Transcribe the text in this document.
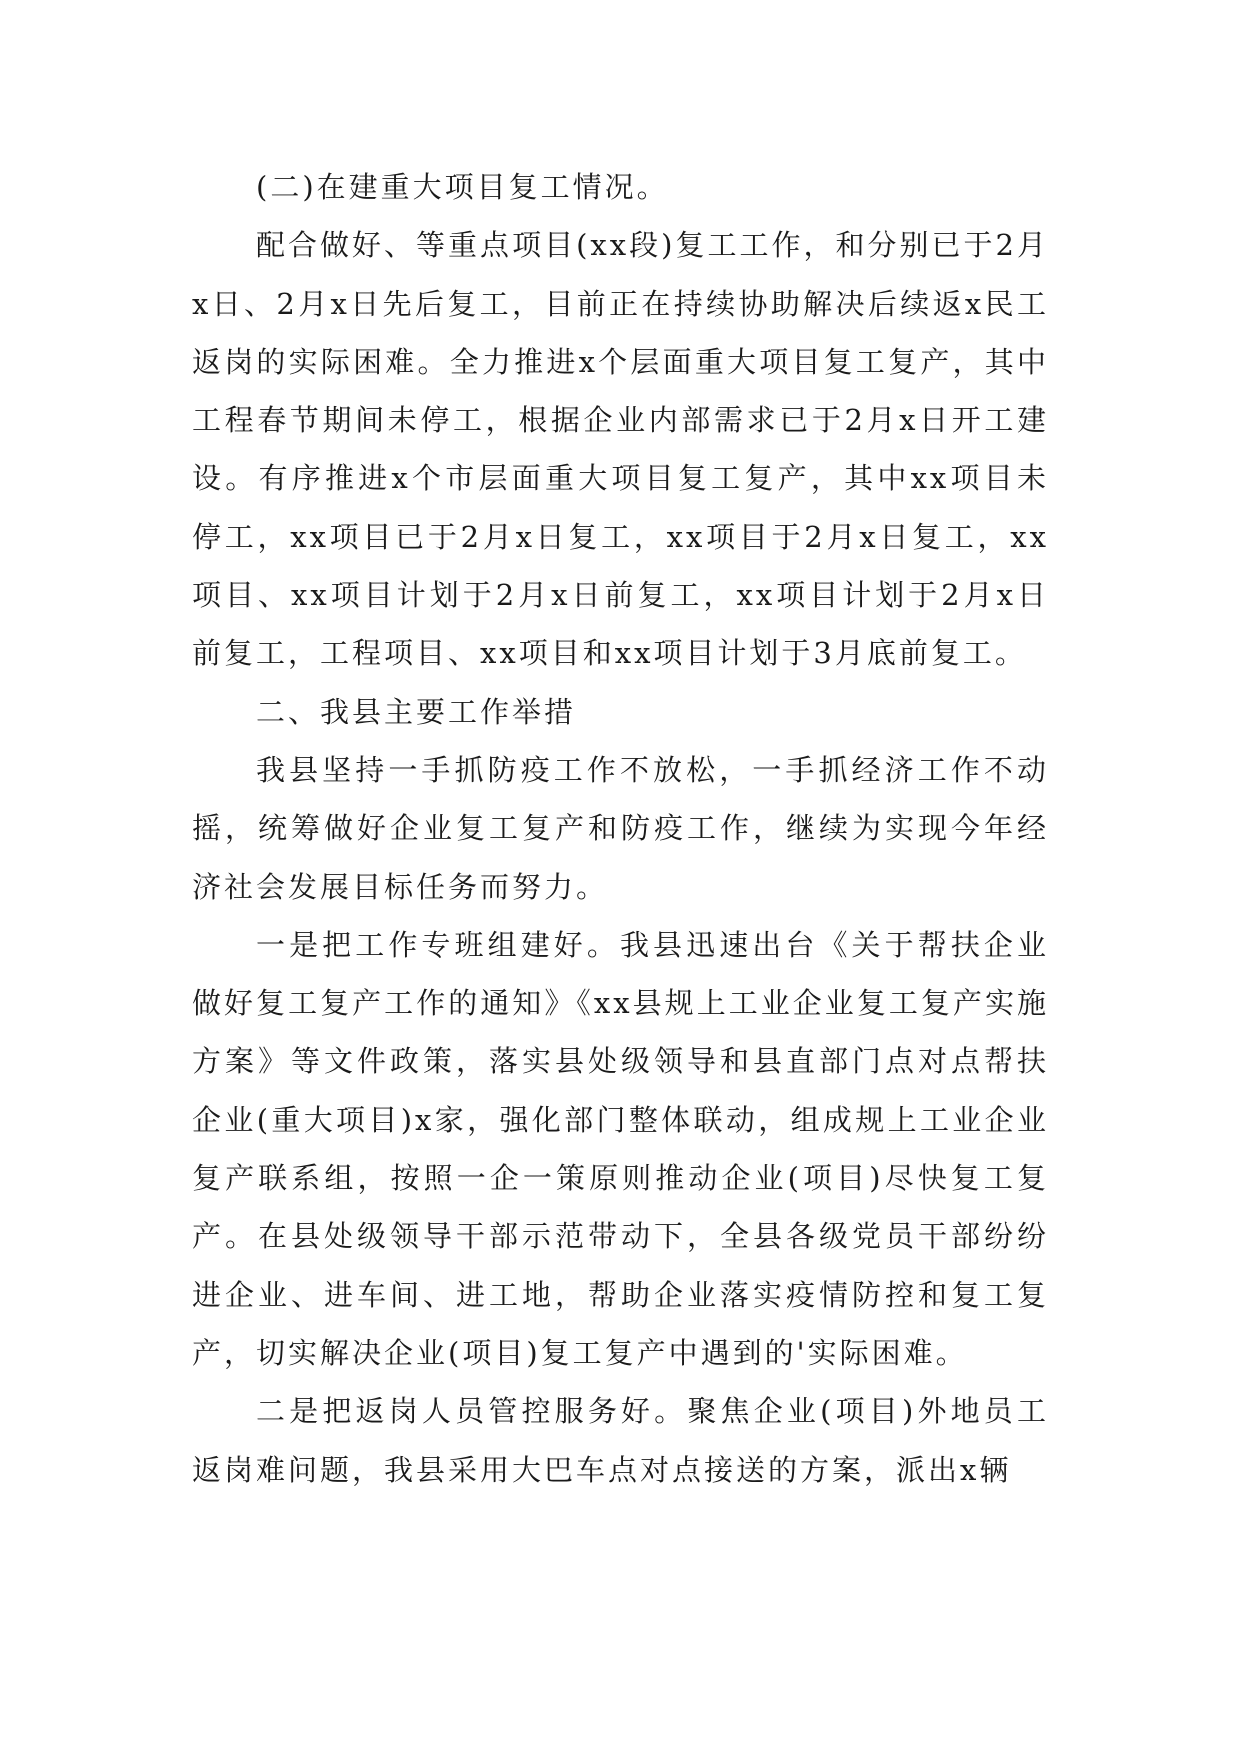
(二)在建重大项目复工情况。

配合做好、等重点项目(xx段)复工工作，和分别已于2月x日、2月x日先后复工，目前正在持续协助解决后续返x民工返岗的实际困难。全力推进x个层面重大项目复工复产，其中工程春节期间未停工，根据企业内部需求已于2月x日开工建设。有序推进x个市层面重大项目复工复产，其中xx项目未停工，xx项目已于2月x日复工，xx项目于2月x日复工，xx项目、xx项目计划于2月x日前复工，xx项目计划于2月x日前复工，工程项目、xx项目和xx项目计划于3月底前复工。

二、我县主要工作举措

我县坚持一手抓防疫工作不放松，一手抓经济工作不动摇，统筹做好企业复工复产和防疫工作，继续为实现今年经济社会发展目标任务而努力。

一是把工作专班组建好。我县迅速出台《关于帮扶企业做好复工复产工作的通知》《xx县规上工业企业复工复产实施方案》等文件政策，落实县处级领导和县直部门点对点帮扶企业(重大项目)x家，强化部门整体联动，组成规上工业企业复产联系组，按照一企一策原则推动企业(项目)尽快复工复产。在县处级领导干部示范带动下，全县各级党员干部纷纷进企业、进车间、进工地，帮助企业落实疫情防控和复工复产，切实解决企业(项目)复工复产中遇到的'实际困难。

二是把返岗人员管控服务好。聚焦企业(项目)外地员工返岗难问题，我县采用大巴车点对点接送的方案，派出x辆
